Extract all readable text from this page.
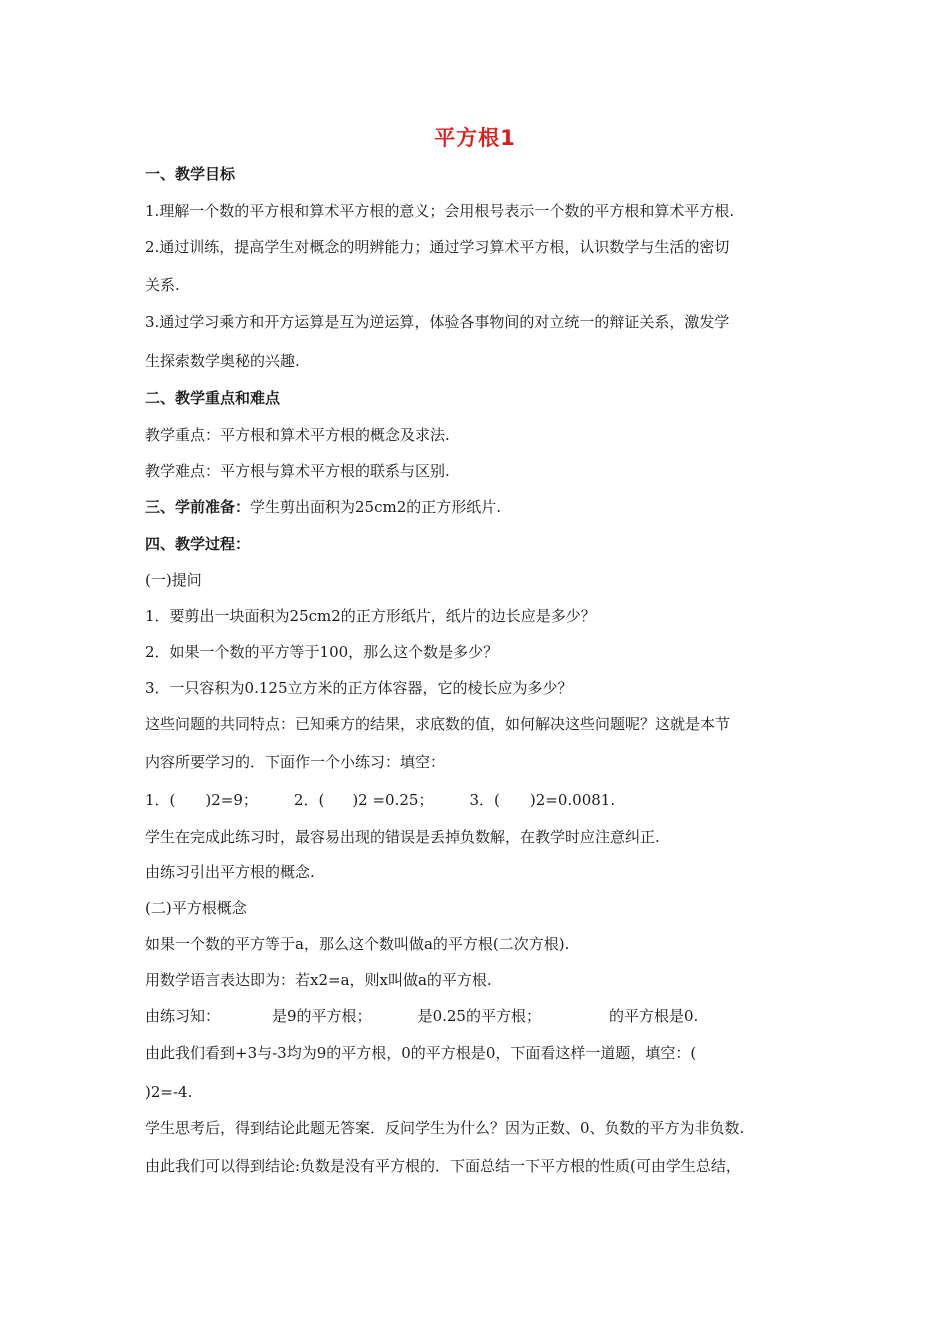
平方根1
一、教学目标
1.理解一个数的平方根和算术平方根的意义；会用根号表示一个数的平方根和算术平方根.
2.通过训练，提高学生对概念的明辨能力；通过学习算术平方根，认识数学与生活的密切
关系.
3.通过学习乘方和开方运算是互为逆运算，体验各事物间的对立统一的辩证关系，激发学
生探索数学奥秘的兴趣.
二、教学重点和难点
教学重点：平方根和算术平方根的概念及求法.
教学难点：平方根与算术平方根的联系与区别.
三、学前准备：学生剪出面积为25cm2的正方形纸片.
四、教学过程：
(一)提问
1．要剪出一块面积为25cm2的正方形纸片，纸片的边长应是多少？
2．如果一个数的平方等于100，那么这个数是多少？
3．一只容积为0.125立方米的正方体容器，它的棱长应为多少？
这些问题的共同特点：已知乘方的结果，求底数的值，如何解决这些问题呢？这就是本节
内容所要学习的．下面作一个小练习：填空：
1．( )2=9； 2．( )2 =0.25； 3．( )2=0.0081.
学生在完成此练习时，最容易出现的错误是丢掉负数解，在教学时应注意纠正.
由练习引出平方根的概念.
(二)平方根概念
如果一个数的平方等于a，那么这个数叫做a的平方根(二次方根).
用数学语言表达即为：若x2=a，则x叫做a的平方根.
由练习知：	是9的平方根；	是0.25的平方根；	的平方根是0.
由此我们看到+3与-3均为9的平方根，0的平方根是0，下面看这样一道题，填空：(
)2=-4.
学生思考后，得到结论此题无答案．反问学生为什么？因为正数、0、负数的平方为非负数.
由此我们可以得到结论:负数是没有平方根的．下面总结一下平方根的性质(可由学生总结，
